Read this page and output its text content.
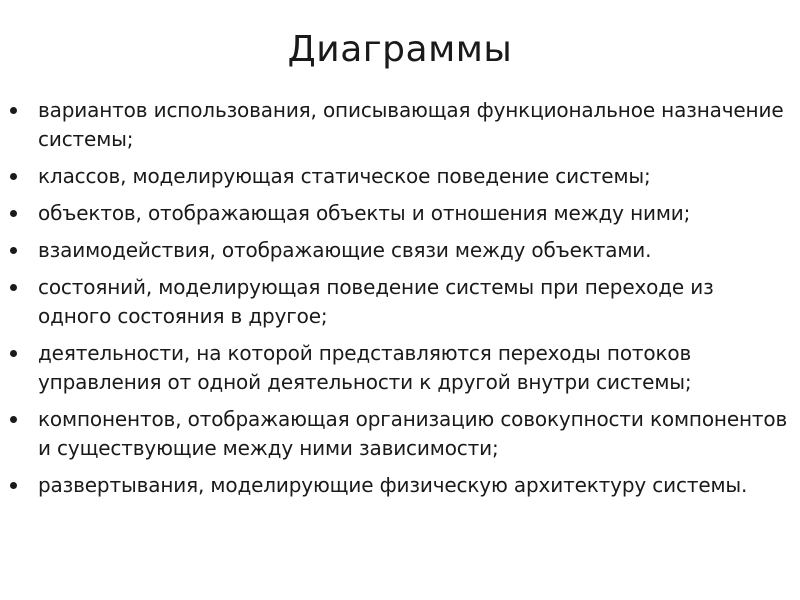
Диаграммы
вариантов использования, описывающая функциональное назначение системы;
классов, моделирующая статическое поведение системы;
объектов, отображающая объекты и отношения между ними;
взаимодействия, отображающие связи между объектами.
состояний, моделирующая поведение системы при переходе из одного состояния в другое;
деятельности, на которой представляются переходы потоков управления от одной деятельности к другой внутри системы;
компонентов, отображающая организацию совокупности компонентов и существующие между ними зависимости;
развертывания, моделирующие физическую архитектуру системы.
